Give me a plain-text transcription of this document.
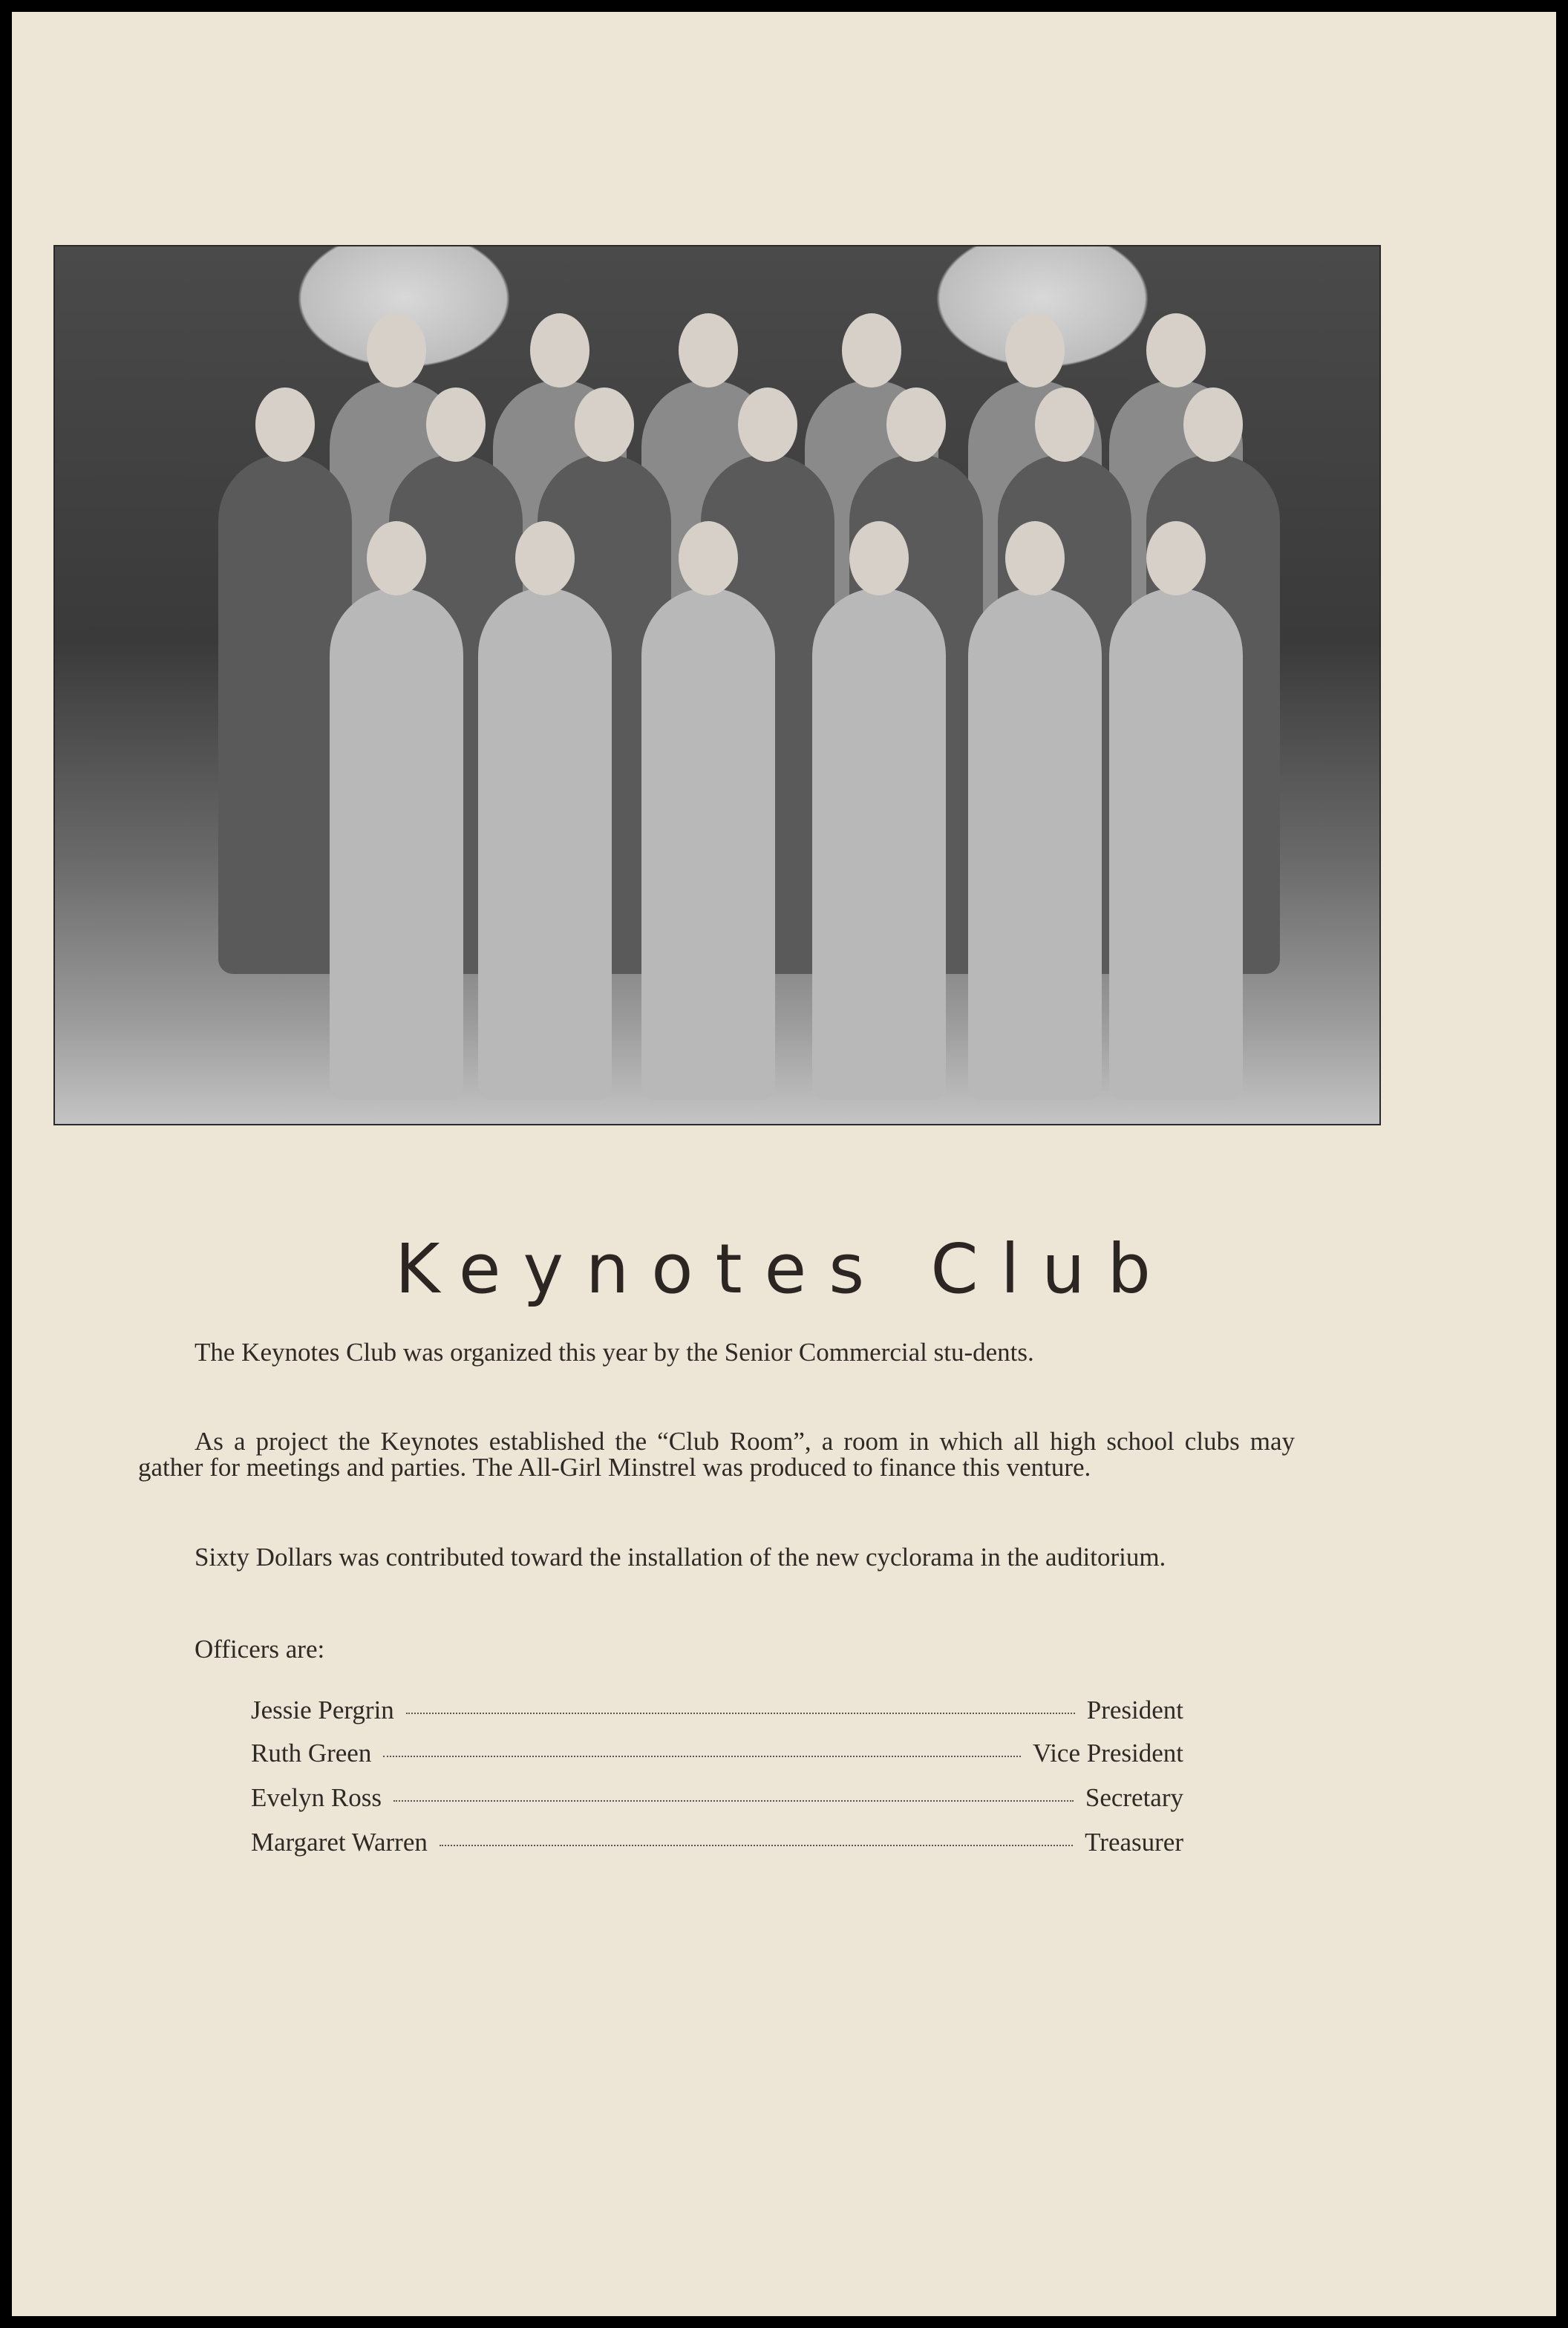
Keynotes Club
The Keynotes Club was organized this year by the Senior Commercial stu-dents.
As a project the Keynotes established the “Club Room”, a room in which all high school clubs may gather for meetings and parties. The All-Girl Minstrel was produced to finance this venture.
Sixty Dollars was contributed toward the installation of the new cyclorama in the auditorium.
Officers are:
Jessie Pergrin	President
Ruth Green	Vice President
Evelyn Ross	Secretary
Margaret Warren	Treasurer
